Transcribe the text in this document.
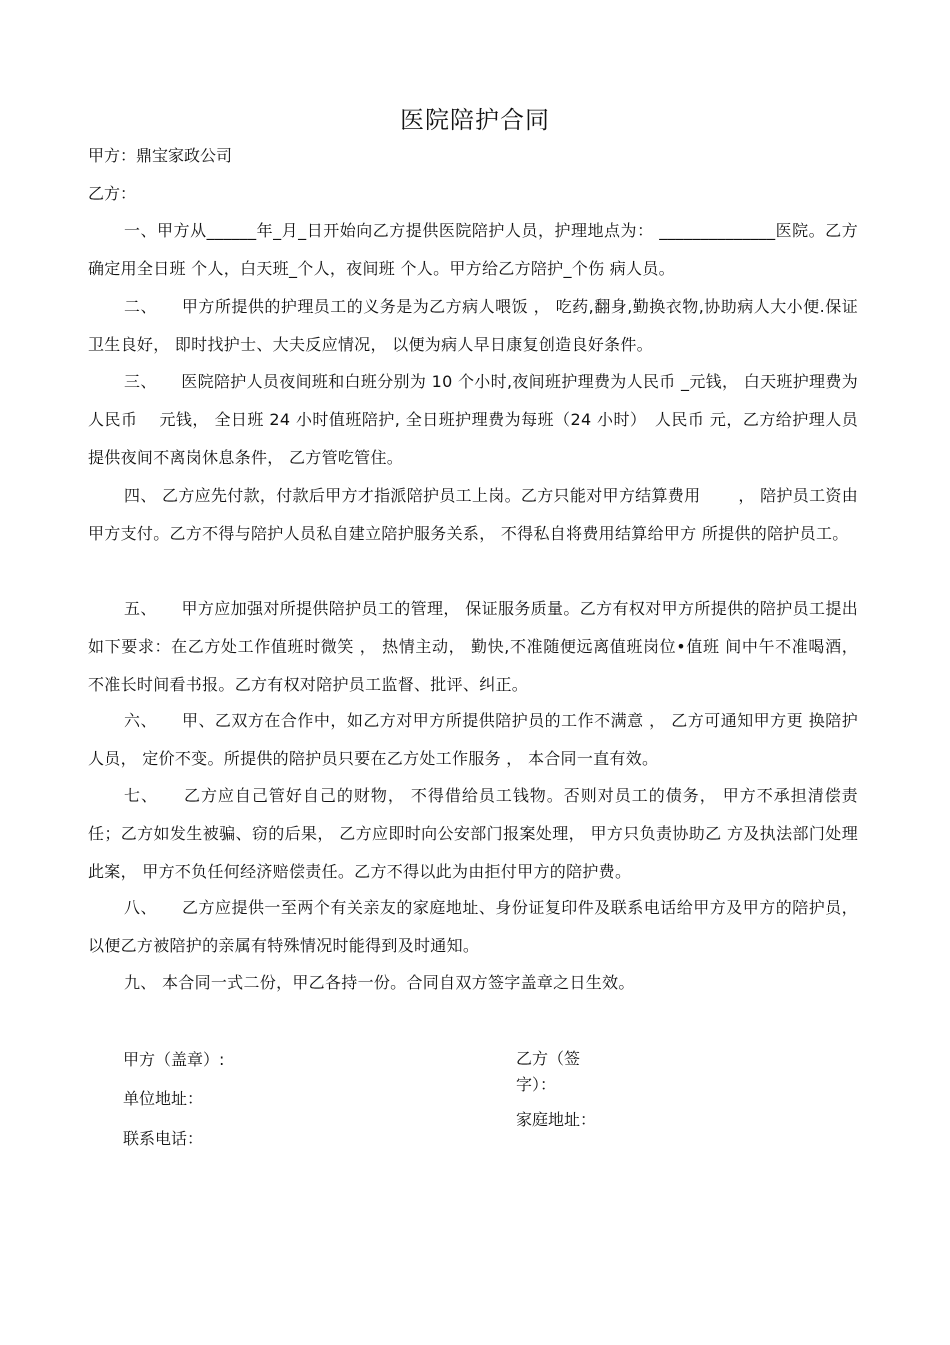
医院陪护合同
甲方：鼎宝家政公司
乙方：
一、甲方从______年_月_日开始向乙方提供医院陪护人员，护理地点为： ______________医院。乙方确定用全日班 个人，白天班_个人，夜间班 个人。甲方给乙方陪护_个伤 病人员。
二、　　甲方所提供的护理员工的义务是为乙方病人喂饭 ， 吃药,翻身,勤换衣物,协助病人大小便.保证卫生良好， 即时找护士、大夫反应情况， 以便为病人早日康复创造良好条件。
三、　　医院陪护人员夜间班和白班分别为 10 个小时,夜间班护理费为人民币 _元钱， 白天班护理费为人民币 　元钱， 全日班 24 小时值班陪护, 全日班护理费为每班（24 小时）　人民币 元，乙方给护理人员提供夜间不离岗休息条件， 乙方管吃管住。
四、 乙方应先付款，付款后甲方才指派陪护员工上岗。乙方只能对甲方结算费用 　　， 陪护员工资由甲方支付。乙方不得与陪护人员私自建立陪护服务关系， 不得私自将费用结算给甲方 所提供的陪护员工。
五、　　甲方应加强对所提供陪护员工的管理， 保证服务质量。乙方有权对甲方所提供的陪护员工提出如下要求：在乙方处工作值班时微笑 ， 热情主动， 勤快,不准随便远离值班岗位•值班 间中午不准喝酒， 不准长时间看书报。乙方有权对陪护员工监督、批评、纠正。
六、　　甲、乙双方在合作中，如乙方对甲方所提供陪护员的工作不满意 ， 乙方可通知甲方更 换陪护人员， 定价不变。所提供的陪护员只要在乙方处工作服务 ， 本合同一直有效。
七、　　乙方应自己管好自己的财物， 不得借给员工钱物。否则对员工的债务， 甲方不承担清偿责任；乙方如发生被骗、窃的后果， 乙方应即时向公安部门报案处理， 甲方只负责协助乙 方及执法部门处理此案， 甲方不负任何经济赔偿责任。乙方不得以此为由拒付甲方的陪护费。
八、　　乙方应提供一至两个有关亲友的家庭地址、身份证复印件及联系电话给甲方及甲方的陪护员， 以便乙方被陪护的亲属有特殊情况时能得到及时通知。
九、 本合同一式二份，甲乙各持一份。合同自双方签字盖章之日生效。
甲方（盖章）:
单位地址：
联系电话：
乙方（签字）：
家庭地址：
